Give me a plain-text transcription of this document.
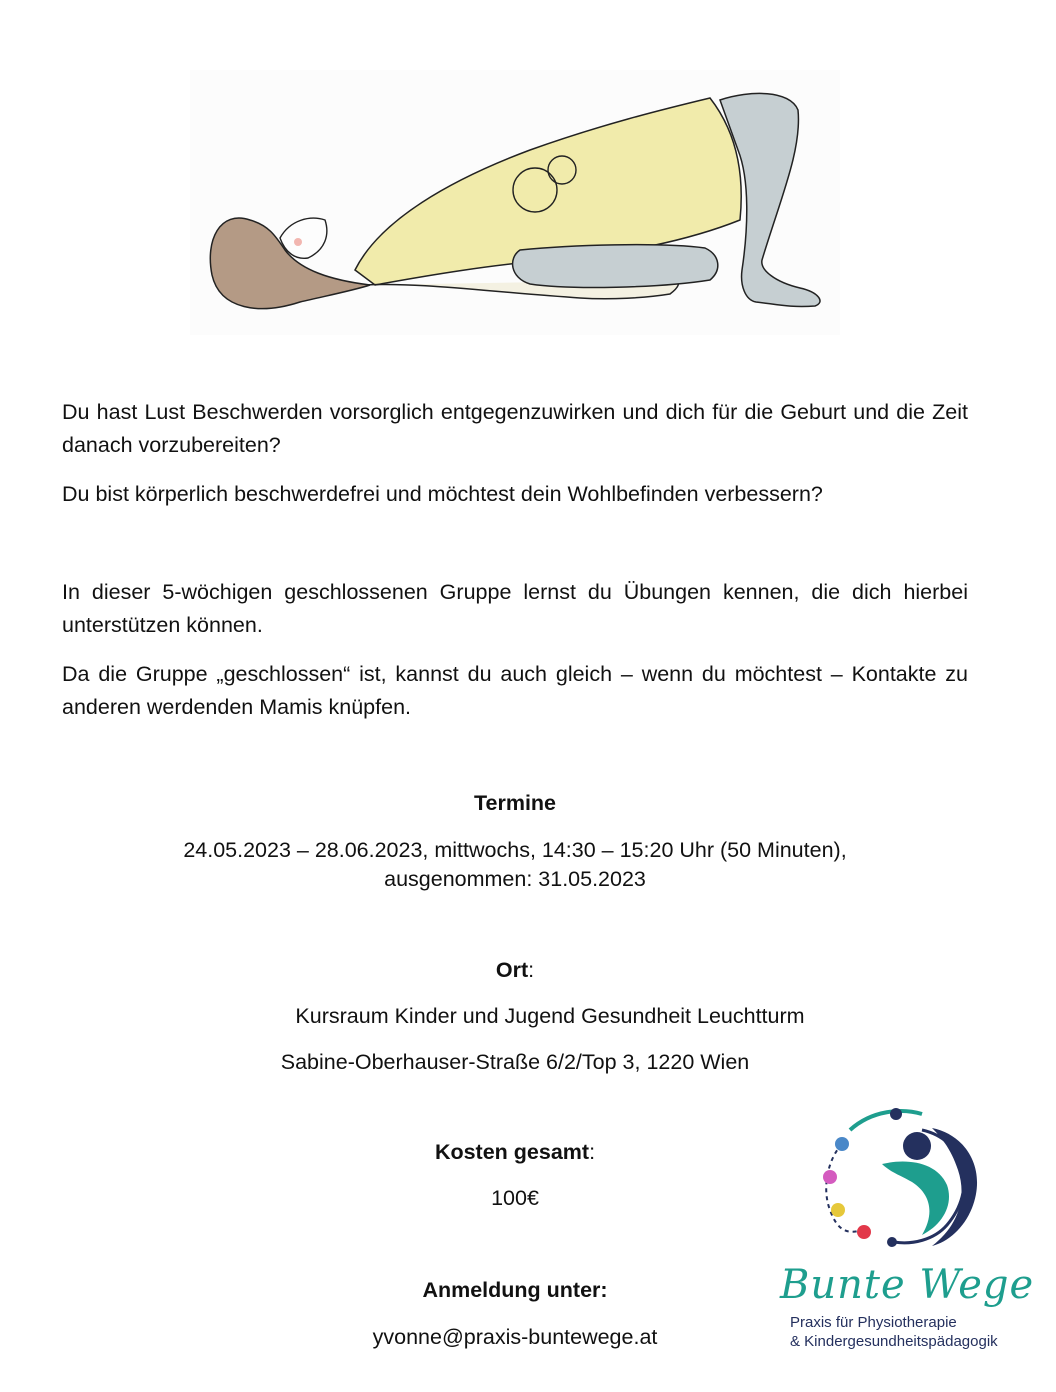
Du hast Lust Beschwerden vorsorglich entgegenzuwirken und dich für die Geburt und die Zeit danach vorzubereiten?

Du bist körperlich beschwerdefrei und möchtest dein Wohlbefinden verbessern?

In dieser 5-wöchigen geschlossenen Gruppe lernst du Übungen kennen, die dich hierbei unterstützen können.

Da die Gruppe „geschlossen“ ist, kannst du auch gleich – wenn du möchtest – Kontakte zu anderen werdenden Mamis knüpfen.

Termine

24.05.2023 – 28.06.2023, mittwochs, 14:30 – 15:20 Uhr (50 Minuten),

ausgenommen: 31.05.2023

Ort:

Kursraum Kinder und Jugend Gesundheit Leuchtturm

Sabine-Oberhauser-Straße 6/2/Top 3, 1220 Wien

Kosten gesamt:

100€

Anmeldung unter:

yvonne@praxis-buntewege.at

Bunte Wege
Praxis für Physiotherapie
& Kindergesundheitspädagogik
